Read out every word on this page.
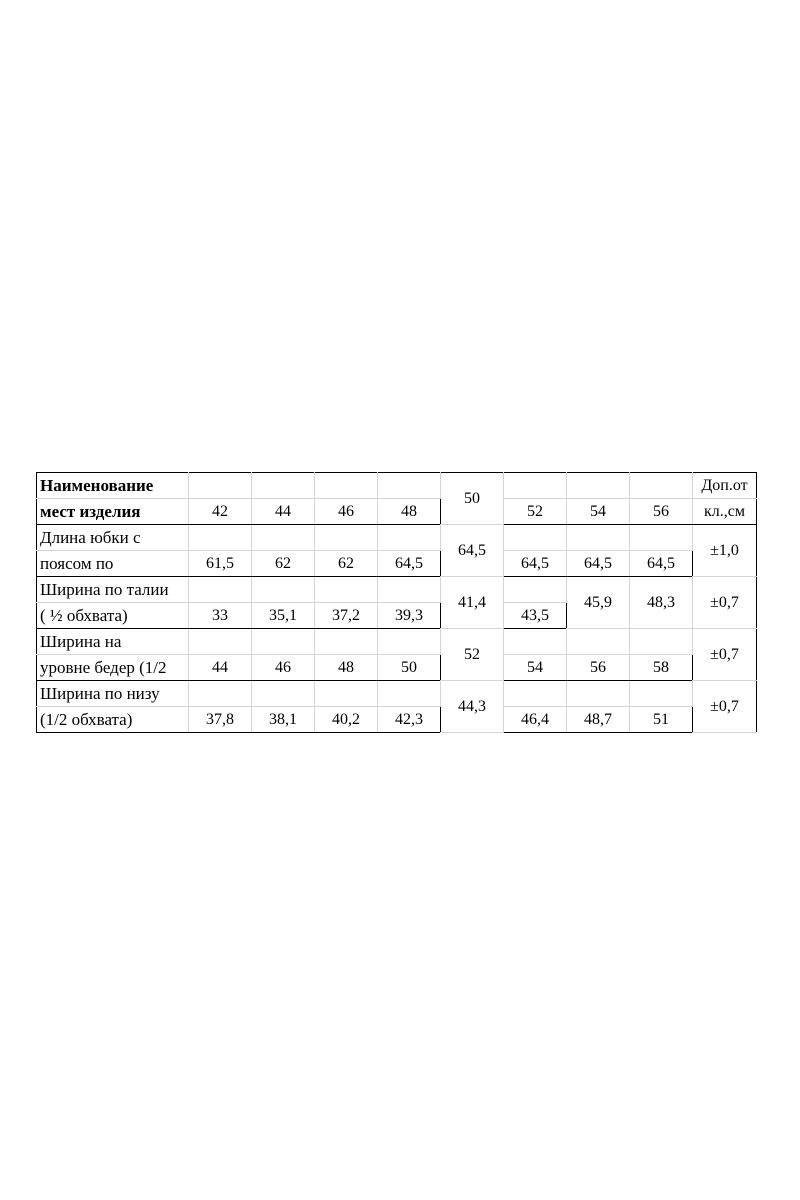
Наименование					50				Доп.от
мест изделия	42	44	46	48		52	54	56	кл.,см
Длина юбки с					64,5				±1,0
поясом по	61,5	62	62	64,5		64,5	64,5	64,5	
Ширина по талии					41,4		45,9	48,3	±0,7
( ½ обхвата)	33	35,1	37,2	39,3		43,5			
Ширина на					52				±0,7
уровне бедер (1/2	44	46	48	50		54	56	58	
Ширина по низу					44,3				±0,7
(1/2 обхвата)	37,8	38,1	40,2	42,3		46,4	48,7	51	
